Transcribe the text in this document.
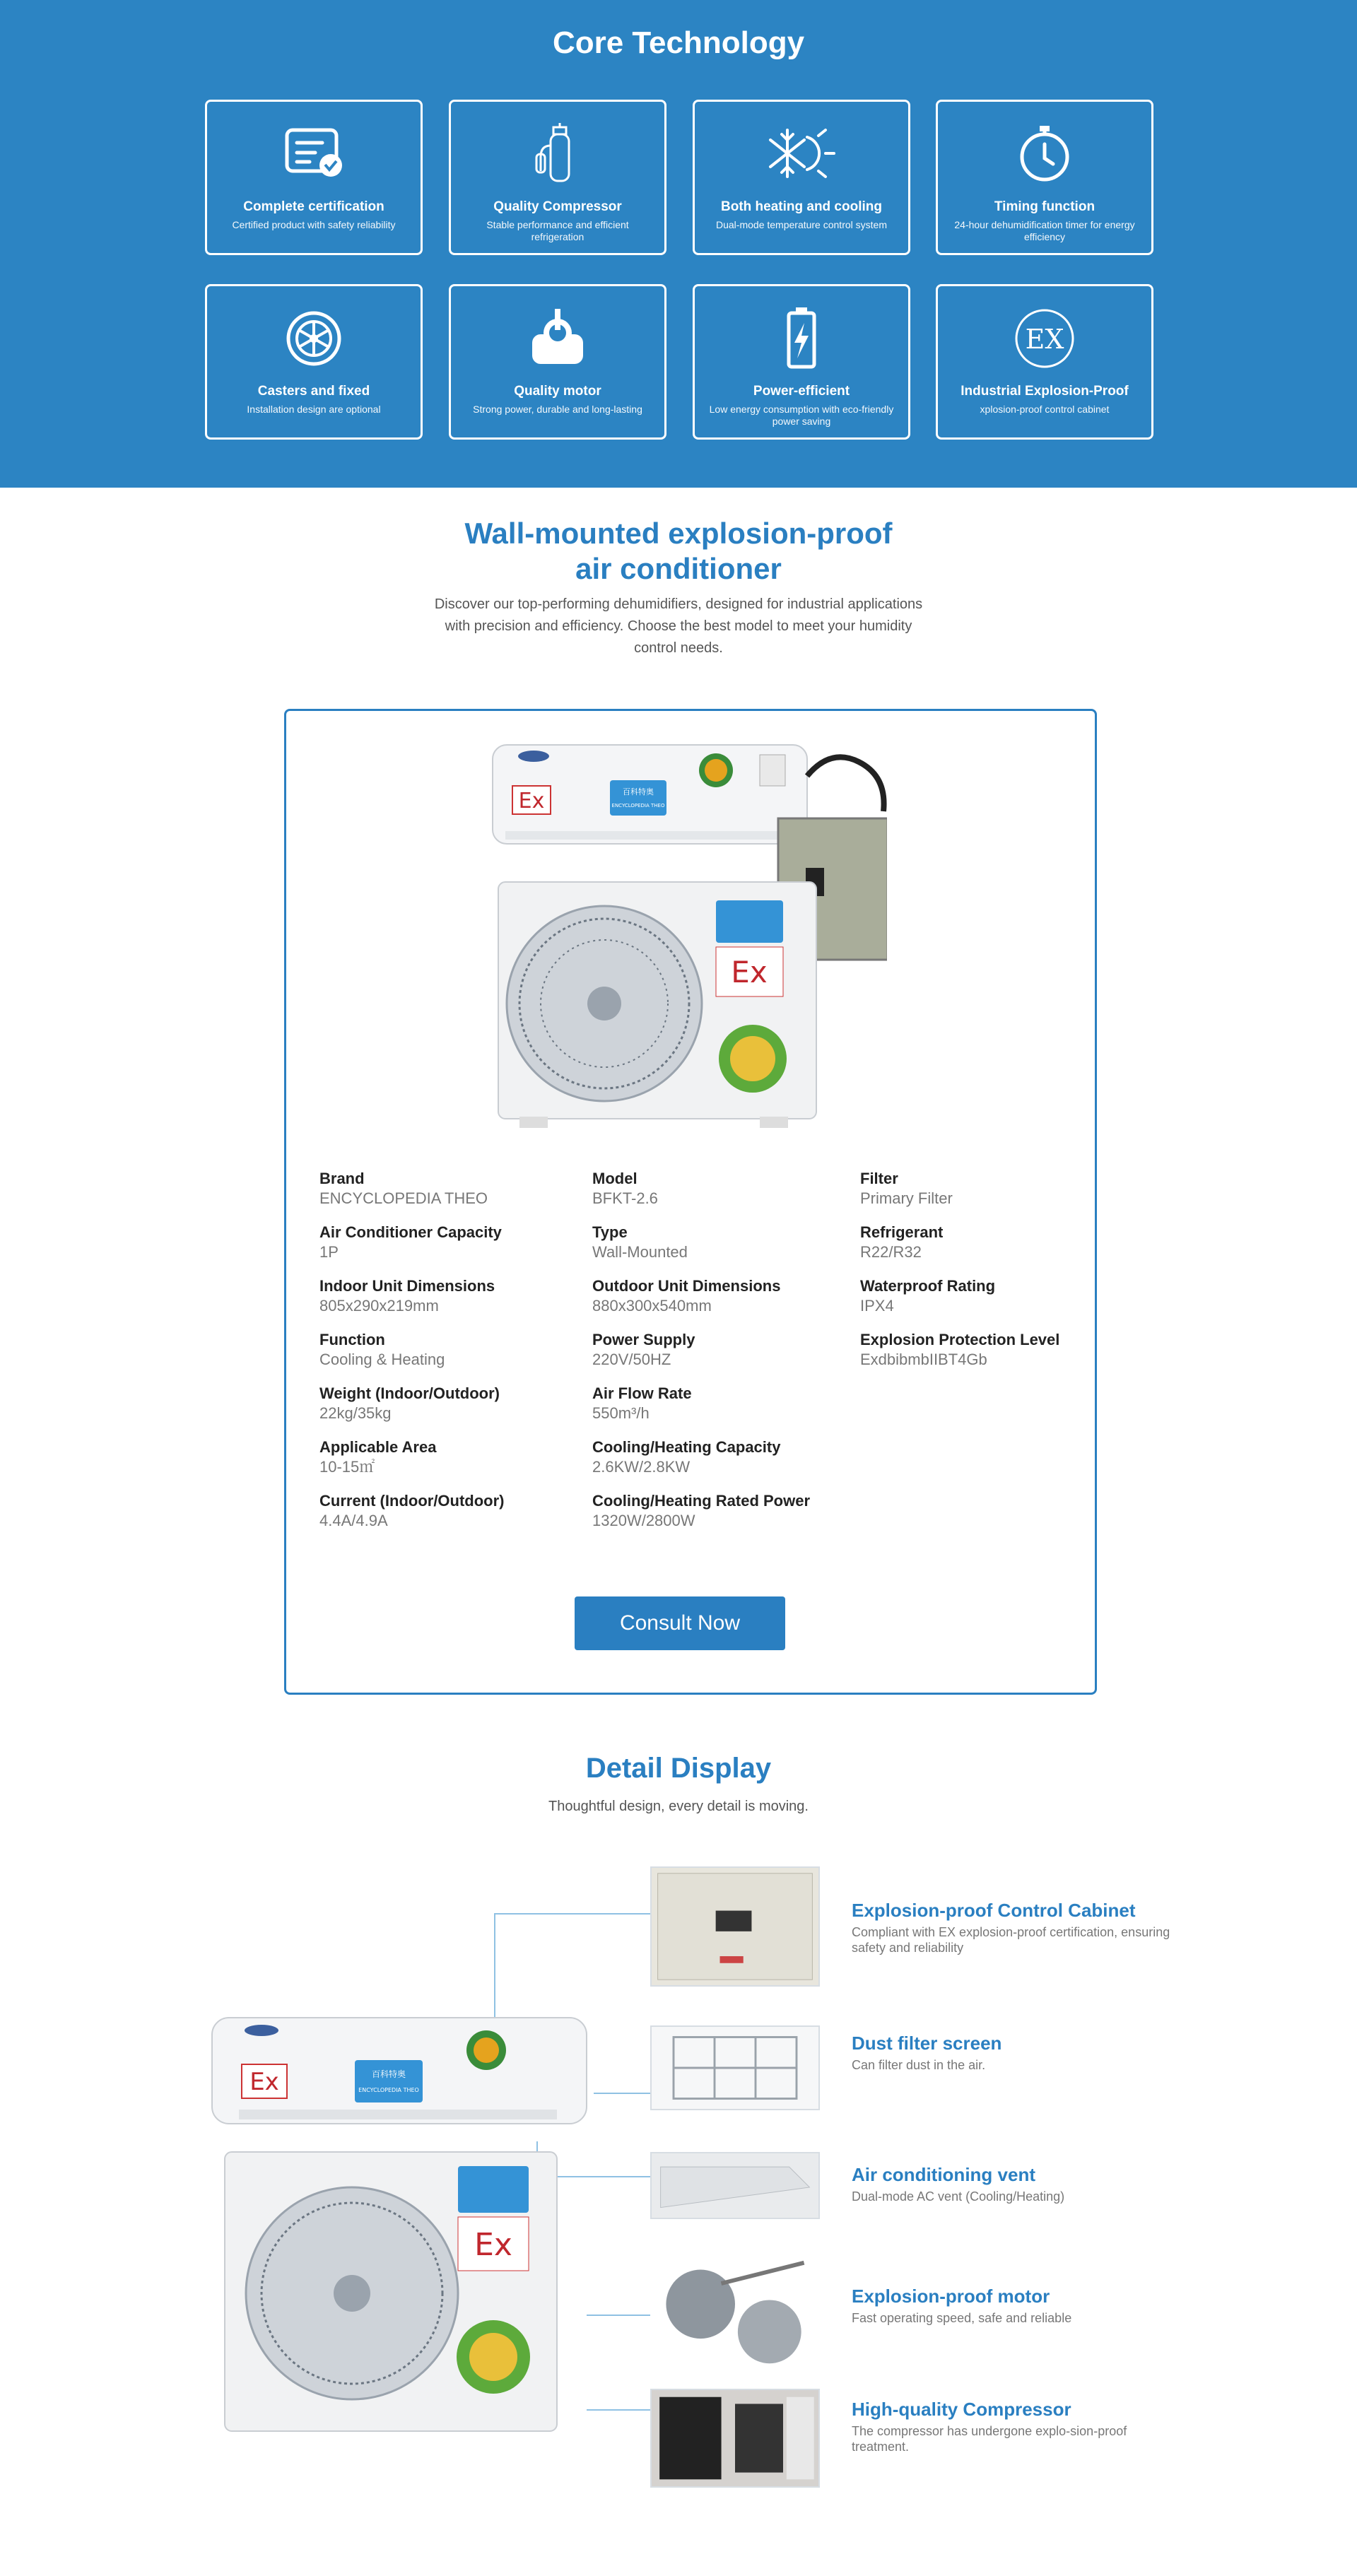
Core Technology
Complete certification
Certified product with safety reliability
Quality Compressor
Stable performance and efficient refrigeration
Both heating and cooling
Dual-mode temperature control system
Timing function
24-hour dehumidification timer for energy efficiency
Casters and fixed
Installation design are optional
Quality motor
Strong power, durable and long-lasting
Power-efficient
Low energy consumption with eco-friendly power saving
EX
Industrial Explosion-Proof
xplosion-proof control cabinet
Wall-mounted explosion-proof
air conditioner
Discover our top-performing dehumidifiers, designed for industrial applications with precision and efficiency. Choose the best model to meet your humidity control needs.
Ex	百科特奥
ENCYCLOPEDIA THEO
Ex
Brand
ENCYCLOPEDIA THEO
Model
BFKT-2.6
Filter
Primary Filter
Air Conditioner Capacity
1P
Type
Wall-Mounted
Refrigerant
R22/R32
Indoor Unit Dimensions
805x290x219mm
Outdoor Unit Dimensions
880x300x540mm
Waterproof Rating
IPX4
Function
Cooling & Heating
Power Supply
220V/50HZ
Explosion Protection Level
ExdbibmbIIBT4Gb
Weight (Indoor/Outdoor)
22kg/35kg
Air Flow Rate
550m³/h
Applicable Area
10-15㎡
Cooling/Heating Capacity
2.6KW/2.8KW
Current (Indoor/Outdoor)
4.4A/4.9A
Cooling/Heating Rated Power
1320W/2800W
Consult Now
Detail Display
Thoughtful design, every detail is moving.
Ex	百科特奥
ENCYCLOPEDIA THEO
Ex
Explosion-proof Control Cabinet
Compliant with EX explosion-proof certification, ensuring safety and reliability
Dust filter screen
Can filter dust in the air.
Air conditioning vent
Dual-mode AC vent (Cooling/Heating)
Explosion-proof motor
Fast operating speed, safe and reliable
High-quality Compressor
The compressor has undergone explo-sion-proof treatment.
